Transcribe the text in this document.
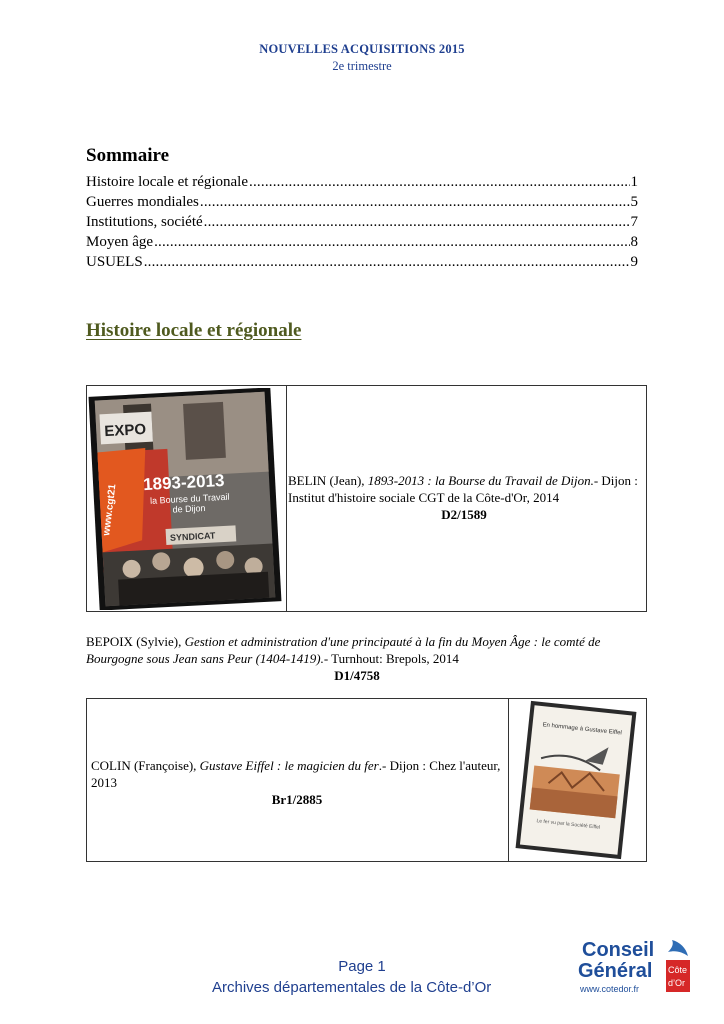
NOUVELLES ACQUISITIONS 2015
2e trimestre
Sommaire
Histoire locale et régionale .....	1
Guerres mondiales .....	5
Institutions, société .....	7
Moyen âge .....	8
USUELS .....	9
Histoire locale et régionale
EXPO
www.cgt21
1893-2013
la Bourse du Travail
de Dijon
SYNDICAT
BELIN (Jean), 1893-2013 : la Bourse du Travail de Dijon.- Dijon : Institut d'histoire sociale CGT de la Côte-d'Or, 2014
D2/1589
BEPOIX (Sylvie), Gestion et administration d'une principauté à la fin du Moyen Âge : le comté de Bourgogne sous Jean sans Peur (1404-1419).- Turnhout: Brepols, 2014
D1/4758
COLIN (Françoise), Gustave Eiffel : le magicien du fer.- Dijon : Chez l'auteur, 2013
Br1/2885
En hommage à Gustave Eiffel
Le fer vu par la Société Eiffel
Page 1
Archives départementales de la Côte-d’Or
Conseil
Général Côte
d’Or
www.cotedor.fr
